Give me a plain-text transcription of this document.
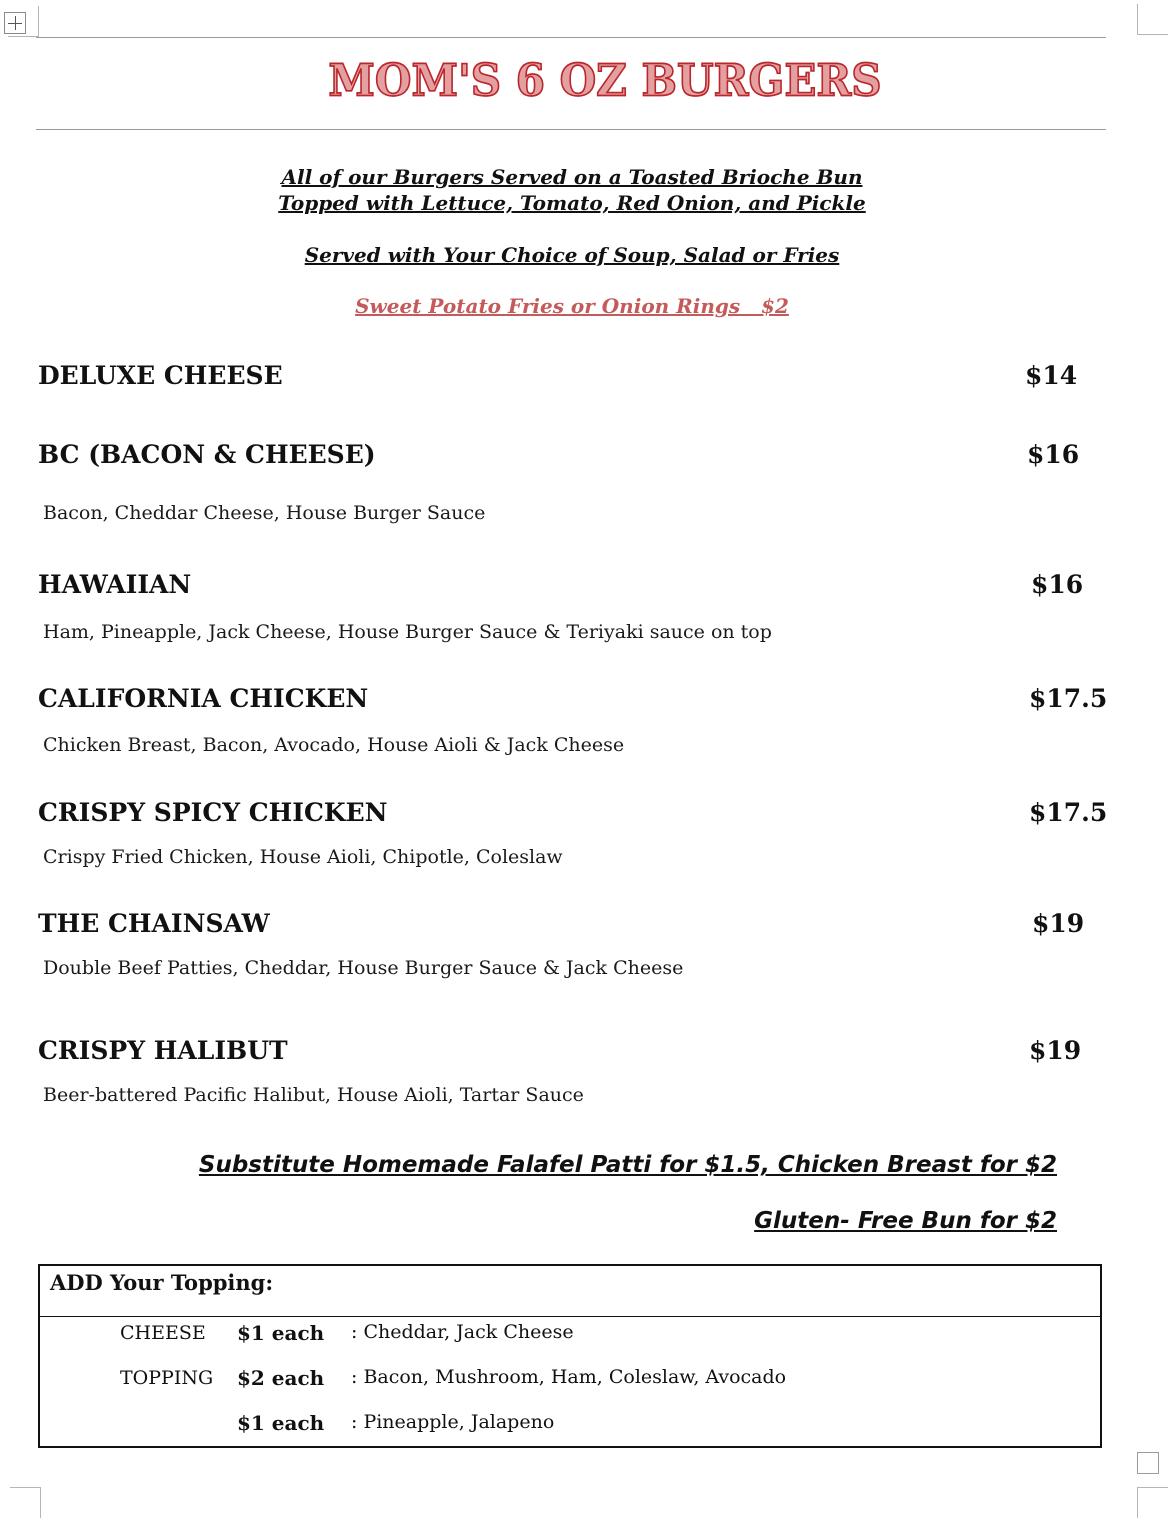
MOM'S 6 OZ BURGERS
All of our Burgers Served on a Toasted Brioche Bun
Topped with Lettuce, Tomato, Red Onion, and Pickle
Served with Your Choice of Soup, Salad or Fries
Sweet Potato Fries or Onion Rings   $2
DELUXE CHEESE	$14
BC (BACON & CHEESE)	$16
Bacon, Cheddar Cheese, House Burger Sauce
HAWAIIAN	$16
Ham, Pineapple, Jack Cheese, House Burger Sauce & Teriyaki sauce on top
CALIFORNIA CHICKEN	$17.5
Chicken Breast, Bacon, Avocado, House Aioli & Jack Cheese
CRISPY SPICY CHICKEN	$17.5
Crispy Fried Chicken, House Aioli, Chipotle, Coleslaw
THE CHAINSAW	$19
Double Beef Patties, Cheddar, House Burger Sauce & Jack Cheese
CRISPY HALIBUT	$19
Beer-battered Pacific Halibut, House Aioli, Tartar Sauce
Substitute Homemade Falafel Patti for $1.5, Chicken Breast for $2
Gluten- Free Bun for $2
ADD Your Topping:
CHEESE $1 each : Cheddar, Jack Cheese
TOPPING $2 each : Bacon, Mushroom, Ham, Coleslaw, Avocado
$1 each : Pineapple, Jalapeno
